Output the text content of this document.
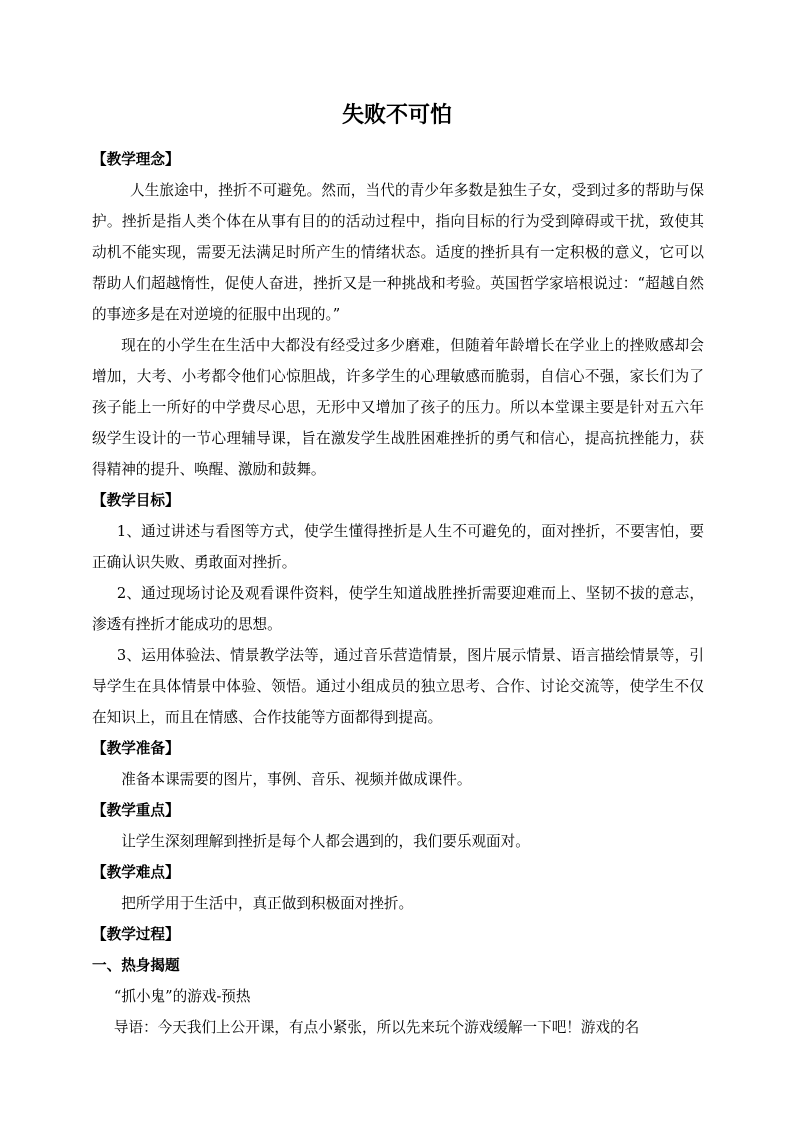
失败不可怕

【教学理念】

人生旅途中，挫折不可避免。然而，当代的青少年多数是独生子女，受到过多的帮助与保护。挫折是指人类个体在从事有目的的活动过程中，指向目标的行为受到障碍或干扰，致使其动机不能实现，需要无法满足时所产生的情绪状态。适度的挫折具有一定积极的意义，它可以帮助人们超越惰性，促使人奋进，挫折又是一种挑战和考验。英国哲学家培根说过：“超越自然的事迹多是在对逆境的征服中出现的。”

现在的小学生在生活中大都没有经受过多少磨难，但随着年龄增长在学业上的挫败感却会增加，大考、小考都令他们心惊胆战，许多学生的心理敏感而脆弱，自信心不强，家长们为了孩子能上一所好的中学费尽心思，无形中又增加了孩子的压力。所以本堂课主要是针对五六年级学生设计的一节心理辅导课，旨在激发学生战胜困难挫折的勇气和信心，提高抗挫能力，获得精神的提升、唤醒、激励和鼓舞。

【教学目标】

1、通过讲述与看图等方式，使学生懂得挫折是人生不可避免的，面对挫折，不要害怕，要正确认识失败、勇敢面对挫折。

2、通过现场讨论及观看课件资料，使学生知道战胜挫折需要迎难而上、坚韧不拔的意志，渗透有挫折才能成功的思想。

3、运用体验法、情景教学法等，通过音乐营造情景，图片展示情景、语言描绘情景等，引导学生在具体情景中体验、领悟。通过小组成员的独立思考、合作、讨论交流等，使学生不仅在知识上，而且在情感、合作技能等方面都得到提高。

【教学准备】

准备本课需要的图片，事例、音乐、视频并做成课件。

【教学重点】

让学生深刻理解到挫折是每个人都会遇到的，我们要乐观面对。

【教学难点】

把所学用于生活中，真正做到积极面对挫折。

【教学过程】

一、热身揭题

“抓小鬼”的游戏-预热

导语：今天我们上公开课，有点小紧张，所以先来玩个游戏缓解一下吧！游戏的名
